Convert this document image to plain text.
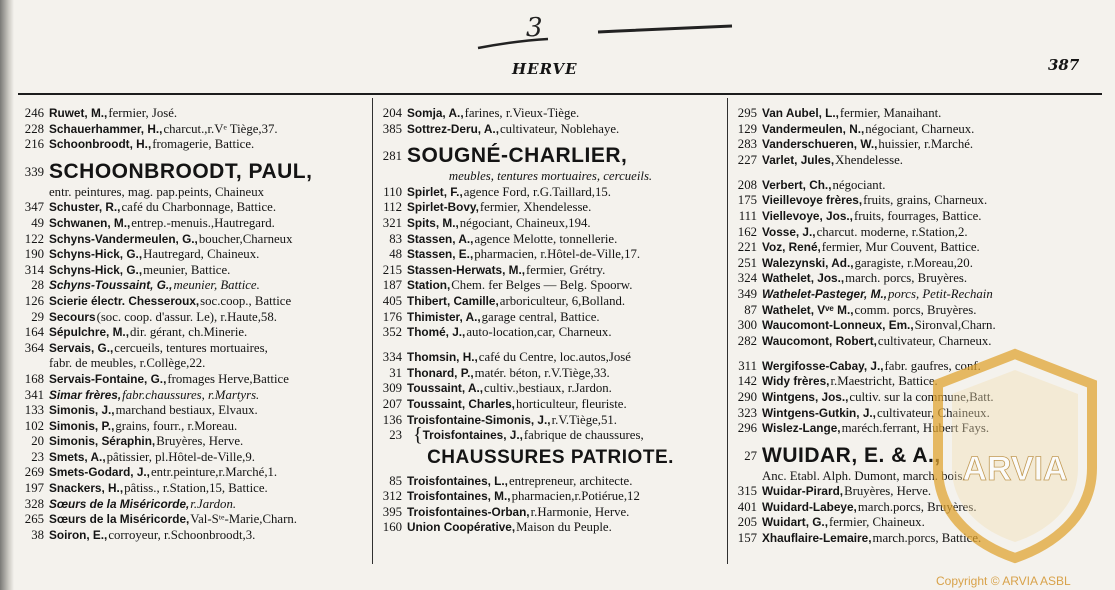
3
HERVE	387
246 Ruwet, M., fermier, José.
228 Schauerhammer, H., charcut.,r.Vᵉ Tiège,37.
216 Schoonbroodt, H., fromagerie, Battice.
339 SCHOONBROODT, PAUL,
entr. peintures, mag. pap.peints, Chaineux
347 Schuster, R., café du Charbonnage, Battice.
49 Schwanen, M., entrep.-menuis.,Hautregard.
122 Schyns-Vandermeulen, G., boucher,Charneux
190 Schyns-Hick, G., Hautregard, Chaineux.
314 Schyns-Hick, G., meunier, Battice.
28 Schyns-Toussaint, G., meunier, Battice.
126 Scierie électr. Chesseroux, soc.coop., Battice
29 Secours (soc. coop. d'assur. Le), r.Haute,58.
164 Sépulchre, M., dir. gérant, ch.Minerie.
364 Servais, G., cercueils, tentures mortuaires,
fabr. de meubles, r.Collège,22.
168 Servais-Fontaine, G., fromages Herve,Battice
341 Simar frères, fabr.chaussures, r.Martyrs.
133 Simonis, J., marchand bestiaux, Elvaux.
102 Simonis, P., grains, fourr., r.Moreau.
20 Simonis, Séraphin, Bruyères, Herve.
23 Smets, A., pâtissier, pl.Hôtel-de-Ville,9.
269 Smets-Godard, J., entr.peinture,r.Marché,1.
197 Snackers, H., pâtiss., r.Station,15, Battice.
328 Sœurs de la Miséricorde, r.Jardon.
265 Sœurs de la Miséricorde, Val-Sᵗᵉ-Marie,Charn.
38 Soiron, E., corroyeur, r.Schoonbroodt,3.
204 Somja, A., farines, r.Vieux-Tiège.
385 Sottrez-Deru, A., cultivateur, Noblehaye.
281 SOUGNÉ-CHARLIER,
meubles, tentures mortuaires, cercueils.
110 Spirlet, F., agence Ford, r.G.Taillard,15.
112 Spirlet-Bovy, fermier, Xhendelesse.
321 Spits, M., négociant, Chaineux,194.
83 Stassen, A., agence Melotte, tonnellerie.
48 Stassen, E., pharmacien, r.Hôtel-de-Ville,17.
215 Stassen-Herwats, M., fermier, Grétry.
187 Station, Chem. fer Belges — Belg. Spoorw.
405 Thibert, Camille, arboriculteur, 6,Bolland.
176 Thimister, A., garage central, Battice.
352 Thomé, J., auto-location,car, Charneux.
334 Thomsin, H., café du Centre, loc.autos,José
31 Thonard, P., matér. béton, r.V.Tiège,33.
309 Toussaint, A., cultiv.,bestiaux, r.Jardon.
207 Toussaint, Charles, horticulteur, fleuriste.
136 Troisfontaine-Simonis, J., r.V.Tiège,51.
23 { Troisfontaines, J., fabrique de chaussures,
CHAUSSURES PATRIOTE.
85 Troisfontaines, L., entrepreneur, architecte.
312 Troisfontaines, M., pharmacien,r.Potiérue,12
395 Troisfontaines-Orban, r.Harmonie, Herve.
160 Union Coopérative, Maison du Peuple.
295 Van Aubel, L., fermier, Manaihant.
129 Vandermeulen, N., négociant, Charneux.
283 Vanderschueren, W., huissier, r.Marché.
227 Varlet, Jules, Xhendelesse.
208 Verbert, Ch., négociant.
175 Vieillevoye frères, fruits, grains, Charneux.
111 Viellevoye, Jos., fruits, fourrages, Battice.
162 Vosse, J., charcut. moderne, r.Station,2.
221 Voz, René, fermier, Mur Couvent, Battice.
251 Walezynski, Ad., garagiste, r.Moreau,20.
324 Wathelet, Jos., march. porcs, Bruyères.
349 Wathelet-Pasteger, M., porcs, Petit-Rechain
87 Wathelet, Vᵛᵉ M., comm. porcs, Bruyères.
300 Waucomont-Lonneux, Em., Sironval,Charn.
282 Waucomont, Robert, cultivateur, Charneux.
311 Wergifosse-Cabay, J., fabr. gaufres, conf.
142 Widy frères, r.Maestricht, Battice.
290 Wintgens, Jos., cultiv. sur la commune,Batt.
323 Wintgens-Gutkin, J., cultivateur, Chaineux.
296 Wislez-Lange, maréch.ferrant, Hubert Fays.
27 WUIDAR, E. & A.,
Anc. Etabl. Alph. Dumont, march. bois.
315 Wuidar-Pirard, Bruyères, Herve.
401 Wuidard-Labeye, march.porcs, Bruyères.
205 Wuidart, G., fermier, Chaineux.
157 Xhauflaire-Lemaire, march.porcs, Battice.
ARVIA
Copyright © ARVIA ASBL
